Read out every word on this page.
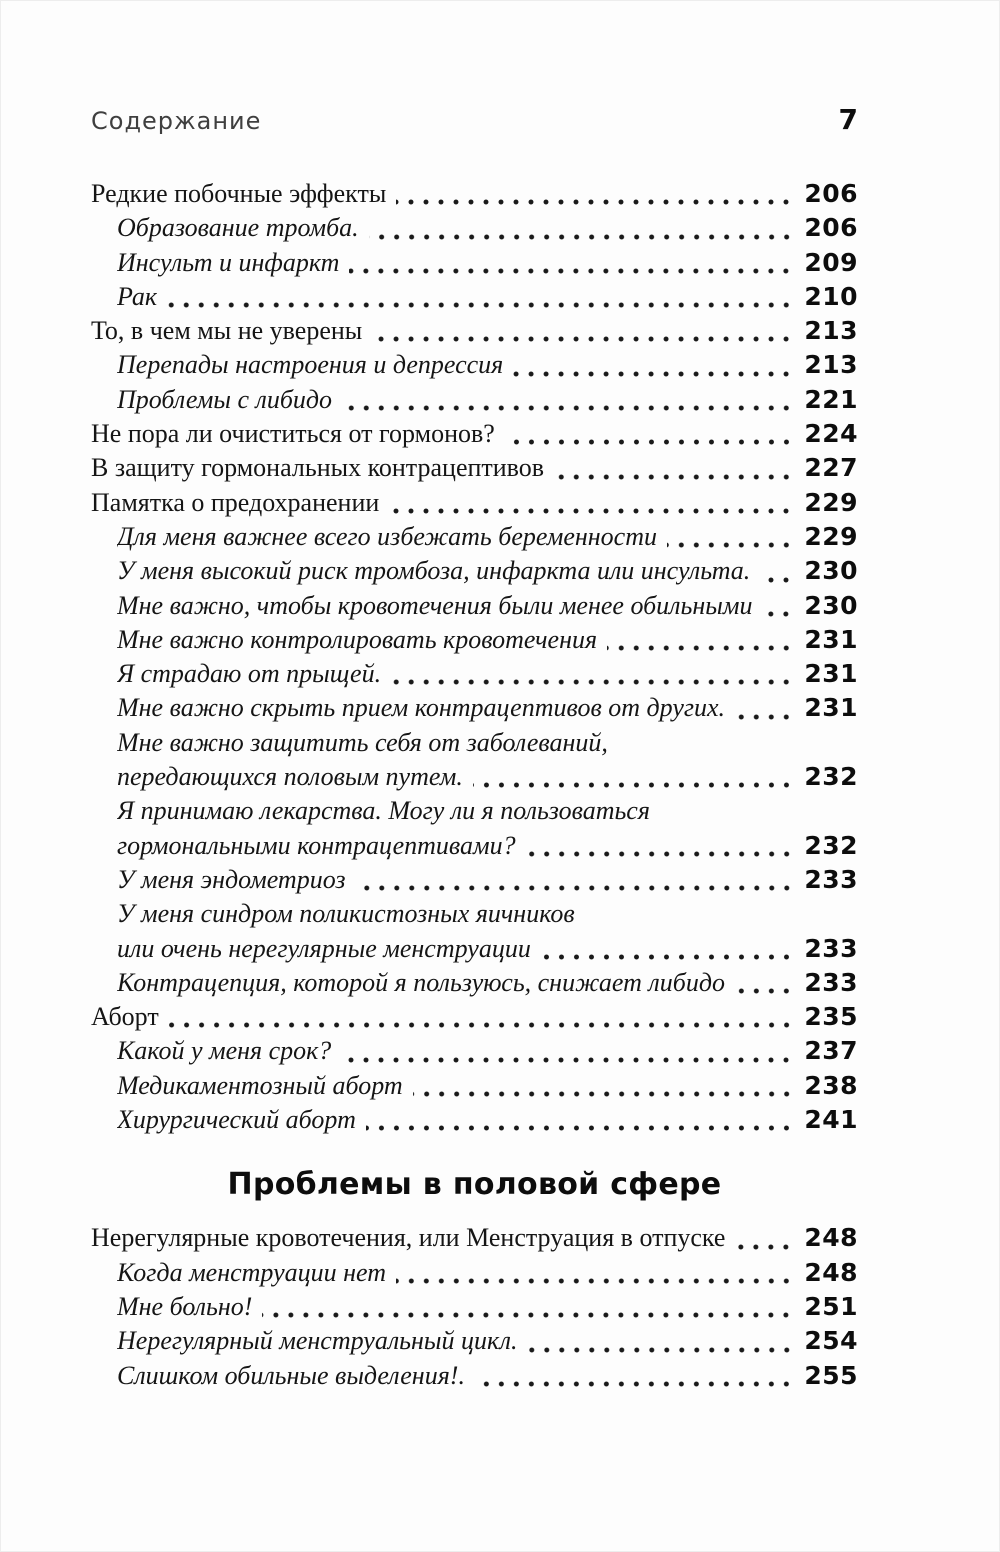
Содержание	7
Редкие побочные эффекты	206
Образование тромба.	206
Инсульт и инфаркт	209
Рак	210
То, в чем мы не уверены	213
Перепады настроения и депрессия	213
Проблемы с либидо	221
Не пора ли очиститься от гормонов?	224
В защиту гормональных контрацептивов	227
Памятка о предохранении	229
Для меня важнее всего избежать беременности	229
У меня высокий риск тромбоза, инфаркта или инсульта. 230
Мне важно, чтобы кровотечения были менее обильными 230
Мне важно контролировать кровотечения	231
Я страдаю от прыщей.	231
Мне важно скрыть прием контрацептивов от других.	231
Мне важно защитить себя от заболеваний,
передающихся половым путем.	232
Я принимаю лекарства. Могу ли я пользоваться
гормональными контрацептивами?	232
У меня эндометриоз	233
У меня синдром поликистозных яичников
или очень нерегулярные менструации	233
Контрацепция, которой я пользуюсь, снижает либидо	233
Аборт	235
Какой у меня срок?	237
Медикаментозный аборт	238
Хирургический аборт	241
Проблемы в половой сфере
Нерегулярные кровотечения, или Менструация в отпуске	248
Когда менструации нет	248
Мне больно!	251
Нерегулярный менструальный цикл.	254
Слишком обильные выделения!.	255
